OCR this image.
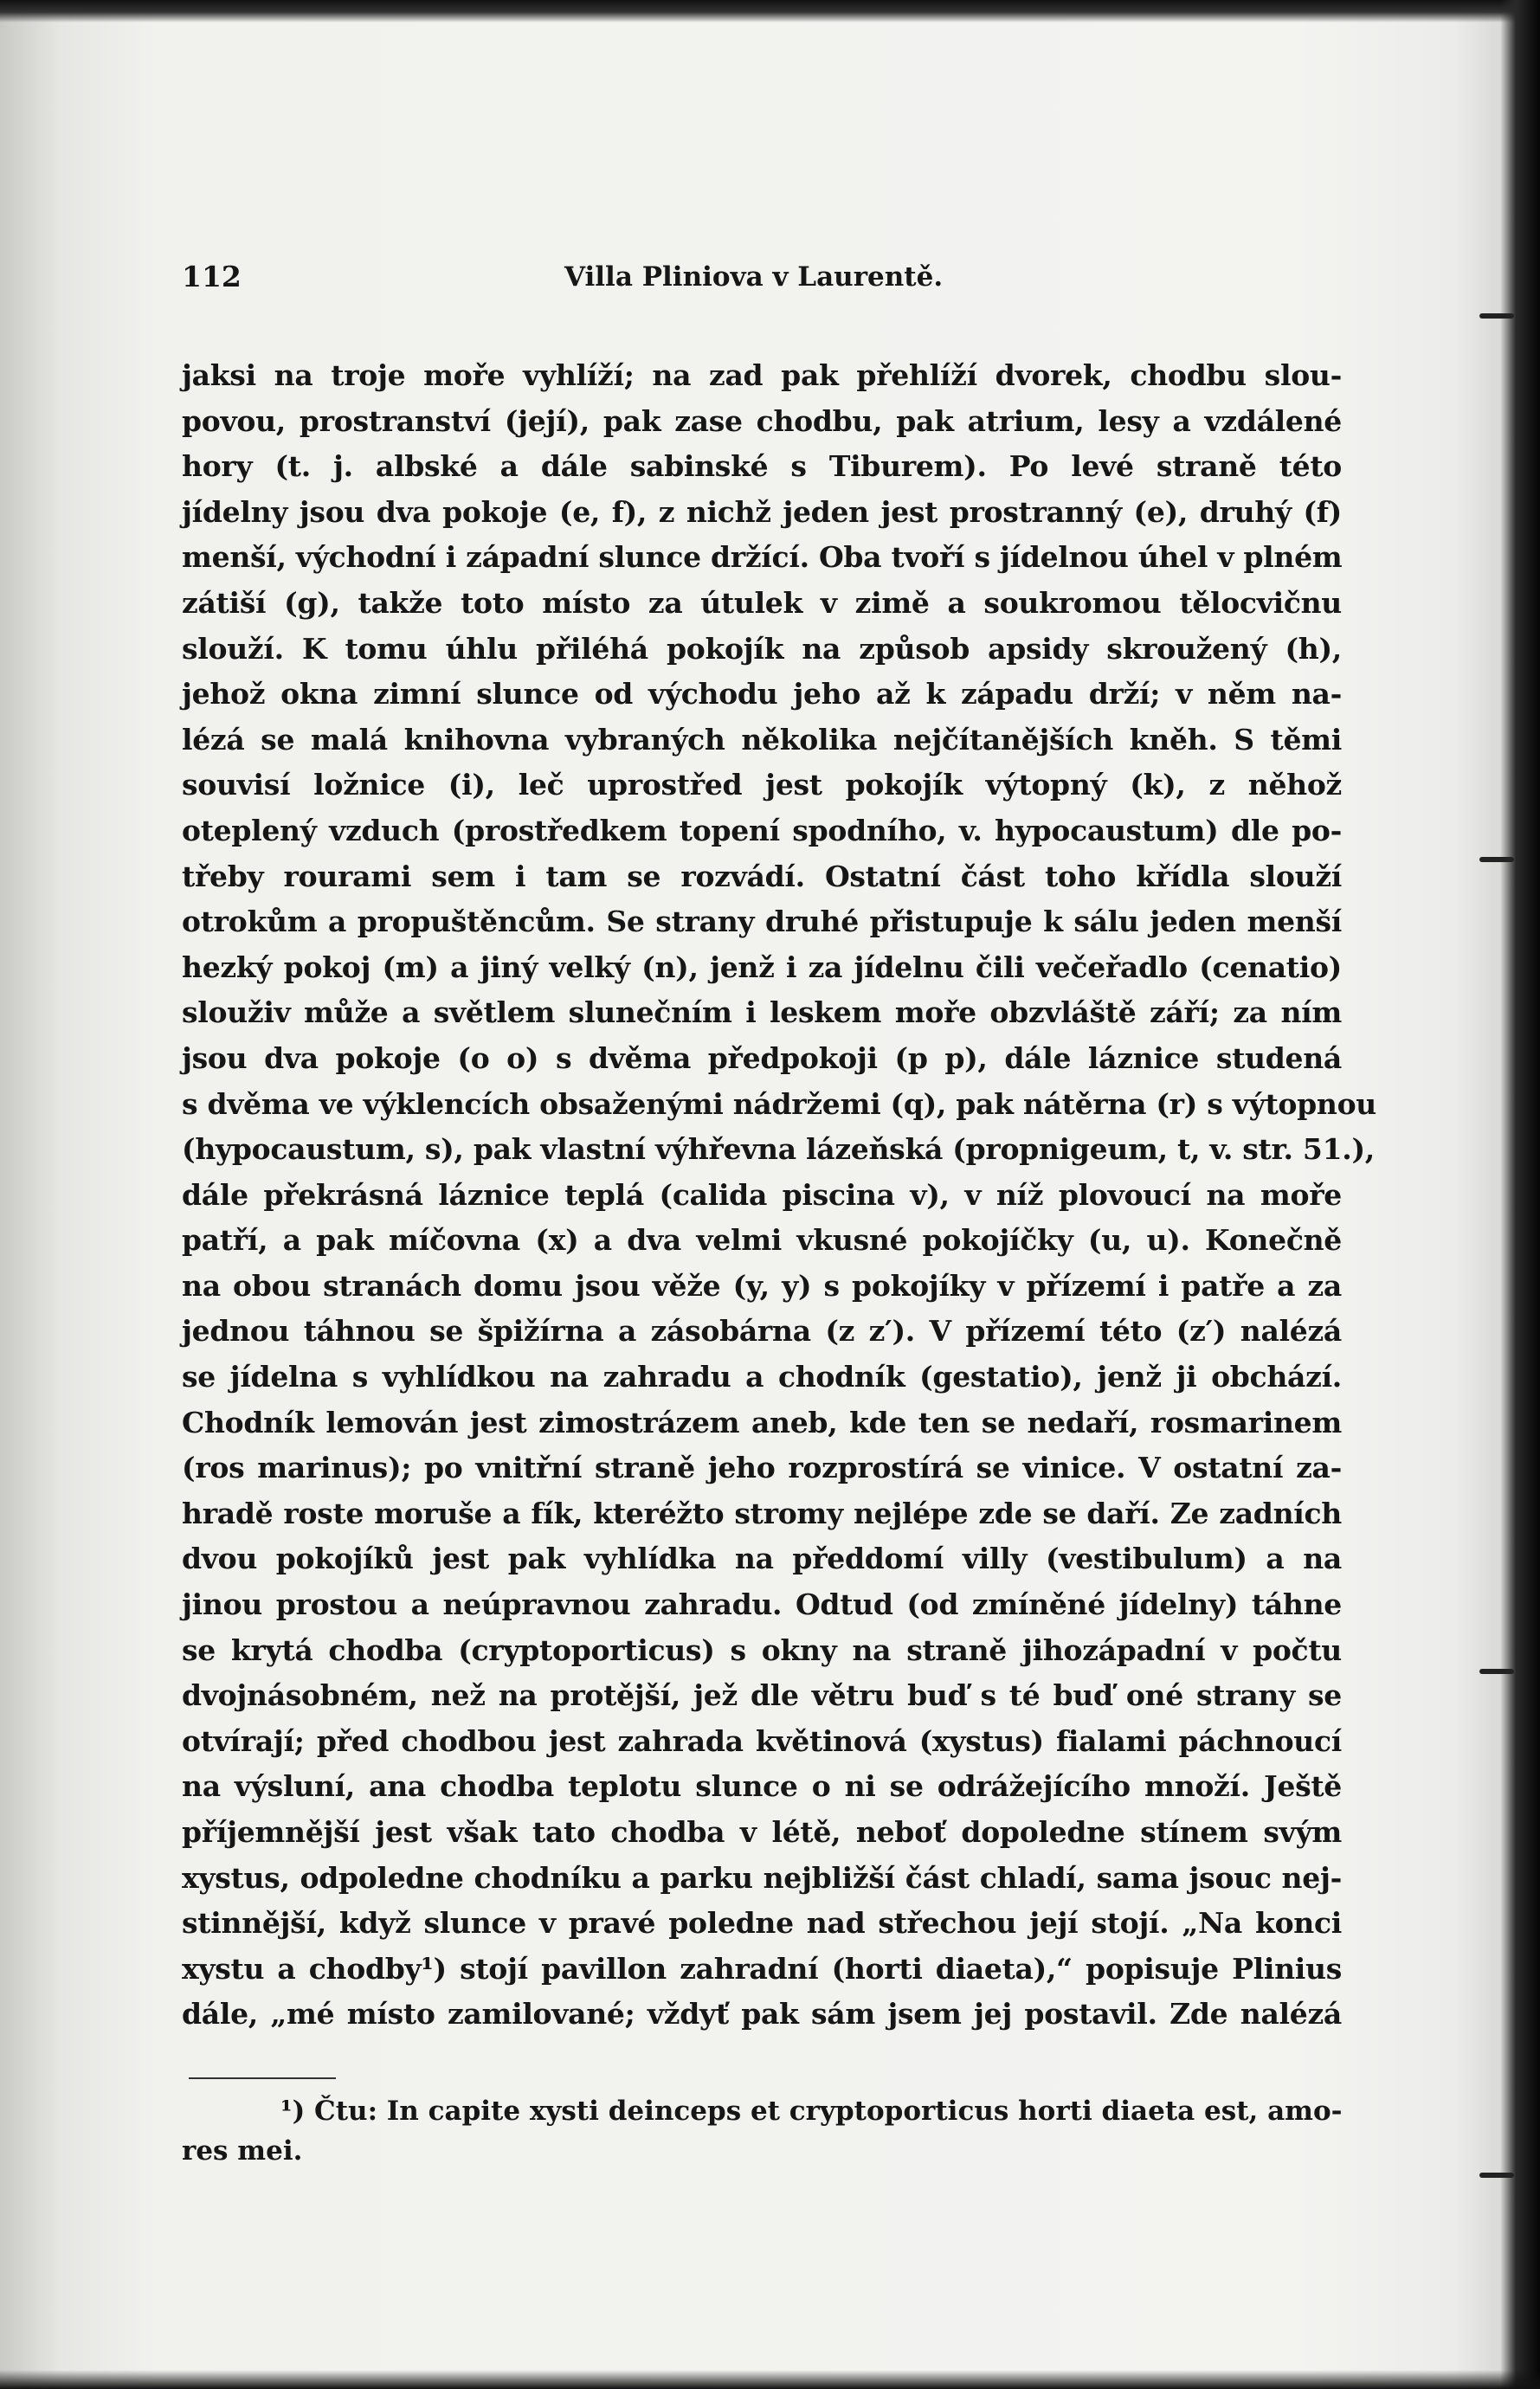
112	Villa Pliniova v Laurentě.
jaksi na troje moře vyhlíží; na zad pak přehlíží dvorek, chodbu slou-
povou, prostranství (její), pak zase chodbu, pak atrium, lesy a vzdálené
hory (t. j. albské a dále sabinské s Tiburem). Po levé straně této
jídelny jsou dva pokoje (e, f), z nichž jeden jest prostranný (e), druhý (f)
menší, východní i západní slunce držící. Oba tvoří s jídelnou úhel v plném
zátiší (g), takže toto místo za útulek v zimě a soukromou tělocvičnu
slouží. K tomu úhlu přiléhá pokojík na způsob apsidy skroužený (h),
jehož okna zimní slunce od východu jeho až k západu drží; v něm na-
lézá se malá knihovna vybraných několika nejčítanějších kněh. S těmi
souvisí ložnice (i), leč uprostřed jest pokojík výtopný (k), z něhož
oteplený vzduch (prostředkem topení spodního, v. hypocaustum) dle po-
třeby rourami sem i tam se rozvádí. Ostatní část toho křídla slouží
otrokům a propuštěncům. Se strany druhé přistupuje k sálu jeden menší
hezký pokoj (m) a jiný velký (n), jenž i za jídelnu čili večeřadlo (cenatio)
slouživ může a světlem slunečním i leskem moře obzvláště září; za ním
jsou dva pokoje (o o) s dvěma předpokoji (p p), dále láznice studená
s dvěma ve výklencích obsaženými nádržemi (q), pak nátěrna (r) s výtopnou
(hypocaustum, s), pak vlastní výhřevna lázeňská (propnigeum, t, v. str. 51.),
dále překrásná láznice teplá (calida piscina v), v níž plovoucí na moře
patří, a pak míčovna (x) a dva velmi vkusné pokojíčky (u, u). Konečně
na obou stranách domu jsou věže (y, y) s pokojíky v přízemí i patře a za
jednou táhnou se špižírna a zásobárna (z z′). V přízemí této (z′) nalézá
se jídelna s vyhlídkou na zahradu a chodník (gestatio), jenž ji obchází.
Chodník lemován jest zimostrázem aneb, kde ten se nedaří, rosmarinem
(ros marinus); po vnitřní straně jeho rozprostírá se vinice. V ostatní za-
hradě roste moruše a fík, kteréžto stromy nejlépe zde se daří. Ze zadních
dvou pokojíků jest pak vyhlídka na předdomí villy (vestibulum) a na
jinou prostou a neúpravnou zahradu. Odtud (od zmíněné jídelny) táhne
se krytá chodba (cryptoporticus) s okny na straně jihozápadní v počtu
dvojnásobném, než na protější, jež dle větru buď s té buď oné strany se
otvírají; před chodbou jest zahrada květinová (xystus) fialami páchnoucí
na výsluní, ana chodba teplotu slunce o ni se odrážejícího množí. Ještě
příjemnější jest však tato chodba v létě, neboť dopoledne stínem svým
xystus, odpoledne chodníku a parku nejbližší část chladí, sama jsouc nej-
stinnější, když slunce v pravé poledne nad střechou její stojí. „Na konci
xystu a chodby¹) stojí pavillon zahradní (horti diaeta),“ popisuje Plinius
dále, „mé místo zamilované; vždyť pak sám jsem jej postavil. Zde nalézá
¹) Čtu: In capite xysti deinceps et cryptoporticus horti diaeta est, amo-
res mei.
